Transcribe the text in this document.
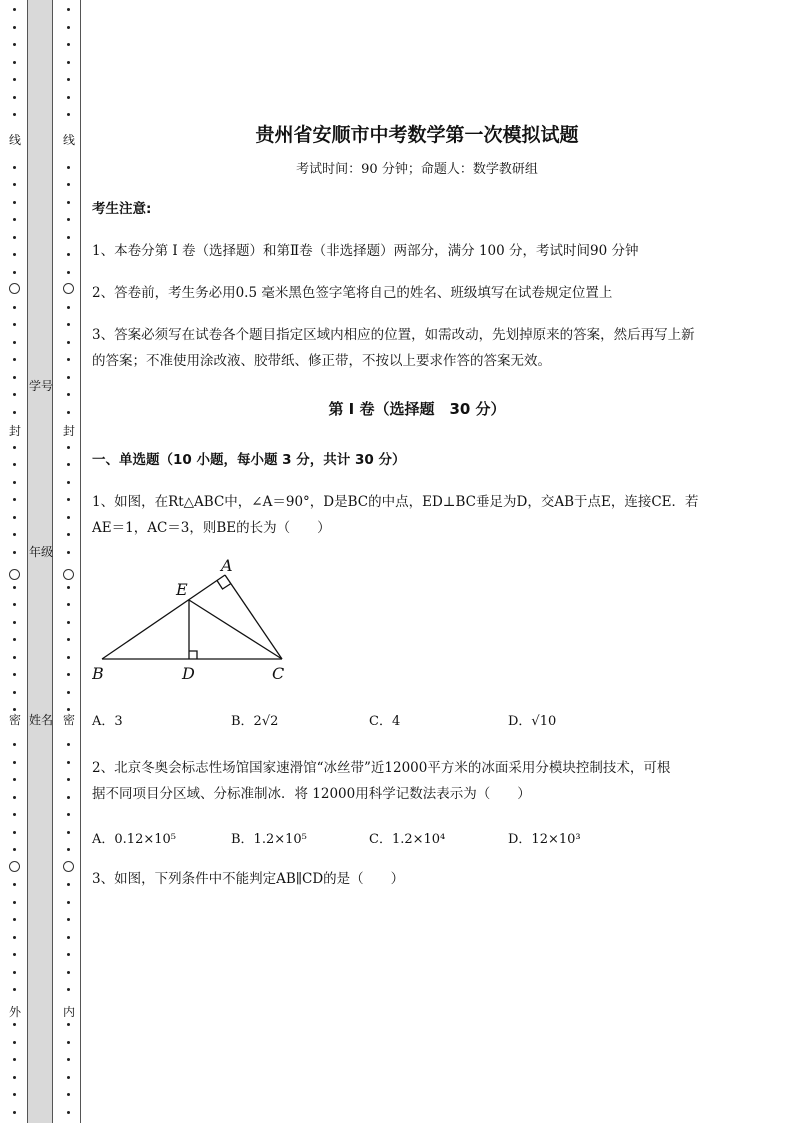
线
封
密
外
线
封
密
内
学号
年级
姓名
贵州省安顺市中考数学第一次模拟试题
考试时间：90 分钟；命题人：数学教研组
考生注意:
1、本卷分第 I 卷（选择题）和第Ⅱ卷（非选择题）两部分，满分 100 分，考试时间90 分钟
2、答卷前，考生务必用0.5 毫米黑色签字笔将自己的姓名、班级填写在试卷规定位置上
3、答案必须写在试卷各个题目指定区域内相应的位置，如需改动，先划掉原来的答案，然后再写上新
的答案；不准使用涂改液、胶带纸、修正带，不按以上要求作答的答案无效。
第 I 卷（选择题　30 分）
一、单选题（10 小题，每小题 3 分，共计 30 分）
1、如图，在Rt△ABC中，∠A＝90°，D是BC的中点，ED⊥BC垂足为D，交AB于点E，连接CE．若
AE＝1，AC＝3，则BE的长为（　　）
A．3	B．2√2	C．4	D．√10
2、北京冬奥会标志性场馆国家速滑馆“冰丝带”近12000平方米的冰面采用分模块控制技术，可根
据不同项目分区域、分标准制冰．将 12000用科学记数法表示为（　　）
A．0.12×10⁵	B．1.2×10⁵	C．1.2×10⁴	D．12×10³
3、如图，下列条件中不能判定AB∥CD的是（　　）
A
B	C
D
E
